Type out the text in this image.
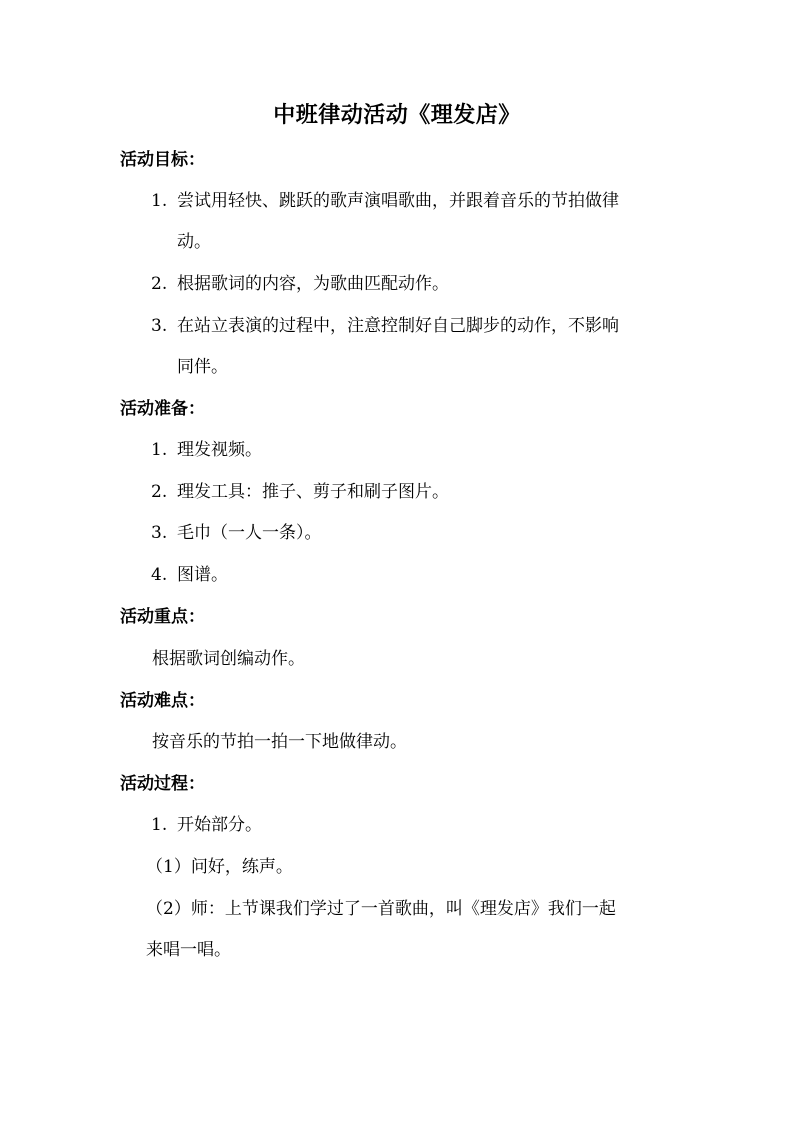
中班律动活动《理发店》
活动目标：
1. 尝试用轻快、跳跃的歌声演唱歌曲，并跟着音乐的节拍做律
动。
2. 根据歌词的内容，为歌曲匹配动作。
3. 在站立表演的过程中，注意控制好自己脚步的动作，不影响
同伴。
活动准备：
1. 理发视频。
2. 理发工具：推子、剪子和刷子图片。
3. 毛巾（一人一条）。
4. 图谱。
活动重点：
根据歌词创编动作。
活动难点：
按音乐的节拍一拍一下地做律动。
活动过程：
1. 开始部分。
（1）问好，练声。
（2）师：上节课我们学过了一首歌曲，叫《理发店》我们一起
来唱一唱。
